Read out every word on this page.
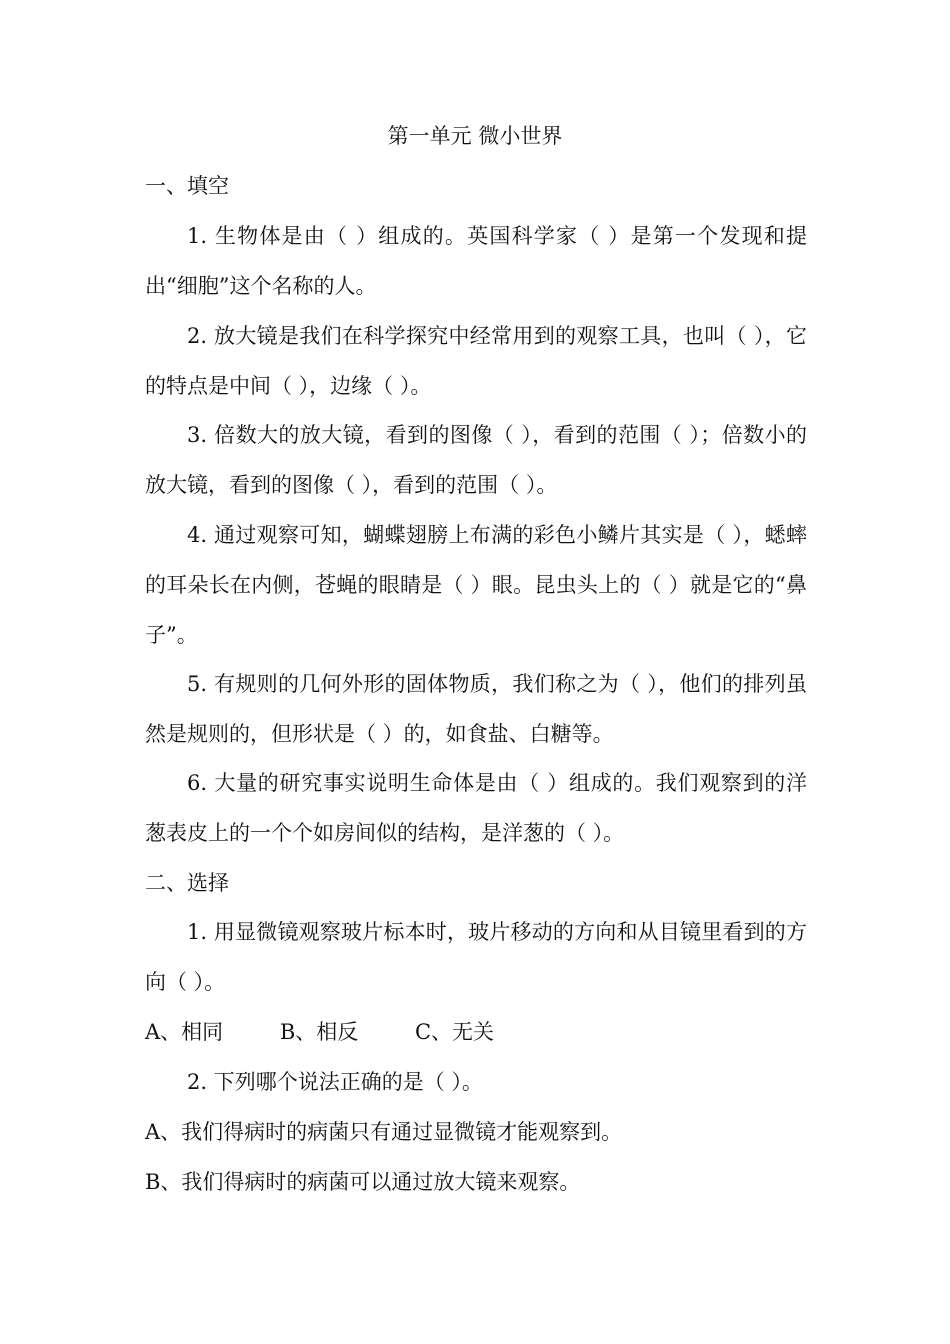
第一单元 微小世界
一、填空
1. 生物体是由（ ）组成的。英国科学家（ ）是第一个发现和提出“细胞”这个名称的人。
2. 放大镜是我们在科学探究中经常用到的观察工具，也叫（ ），它的特点是中间（ ），边缘（ ）。
3. 倍数大的放大镜，看到的图像（ ），看到的范围（ ）；倍数小的放大镜，看到的图像（ ），看到的范围（ ）。
4. 通过观察可知，蝴蝶翅膀上布满的彩色小鳞片其实是（ ），蟋蟀的耳朵长在内侧，苍蝇的眼睛是（ ）眼。昆虫头上的（ ）就是它的“鼻子”。
5. 有规则的几何外形的固体物质，我们称之为（ ），他们的排列虽然是规则的，但形状是（ ）的，如食盐、白糖等。
6. 大量的研究事实说明生命体是由（ ）组成的。我们观察到的洋葱表皮上的一个个如房间似的结构，是洋葱的（ ）。
二、选择
1. 用显微镜观察玻片标本时，玻片移动的方向和从目镜里看到的方向（ ）。
A、相同	B、相反	C、无关
2. 下列哪个说法正确的是（ ）。
A、我们得病时的病菌只有通过显微镜才能观察到。
B、我们得病时的病菌可以通过放大镜来观察。
